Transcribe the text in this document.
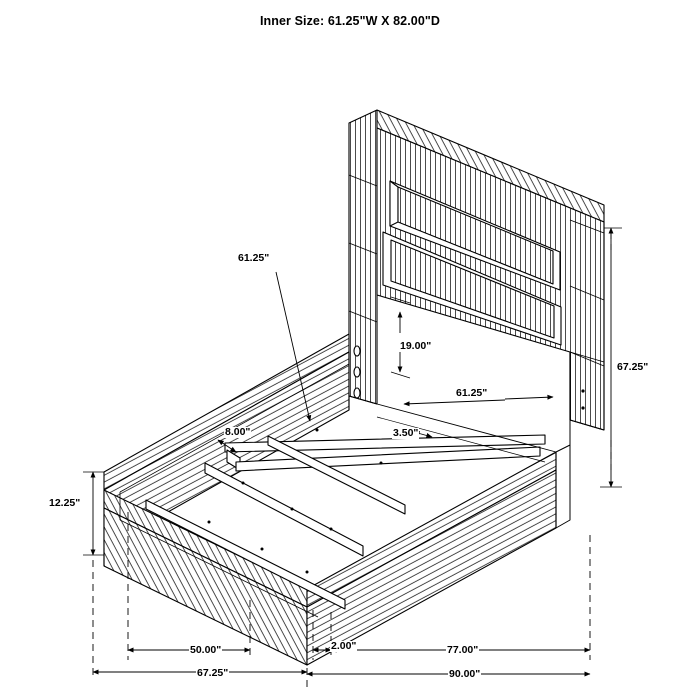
Inner Size: 61.25"W X 82.00"D
61.25"
19.00"
61.25"
8.00"	3.50"
12.25"
67.25"
50.00"	2.00"	77.00"
67.25"	90.00"
